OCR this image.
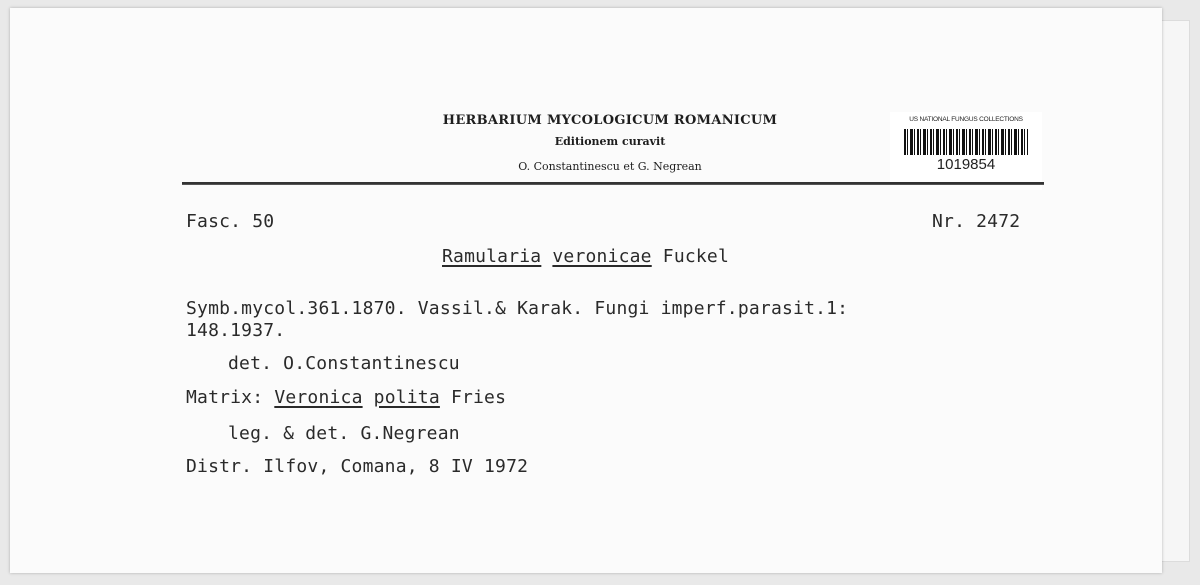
HERBARIUM MYCOLOGICUM ROMANICUM
Editionem curavit
O. Constantinescu et G. Negrean
US NATIONAL FUNGUS COLLECTIONS
1019854
Fasc. 50	Nr. 2472
Ramularia veronicae Fuckel
Symb.mycol.361.1870. Vassil.& Karak. Fungi imperf.parasit.1:
148.1937.
det. O.Constantinescu
Matrix: Veronica polita Fries
leg. & det. G.Negrean
Distr. Ilfov, Comana, 8 IV 1972
